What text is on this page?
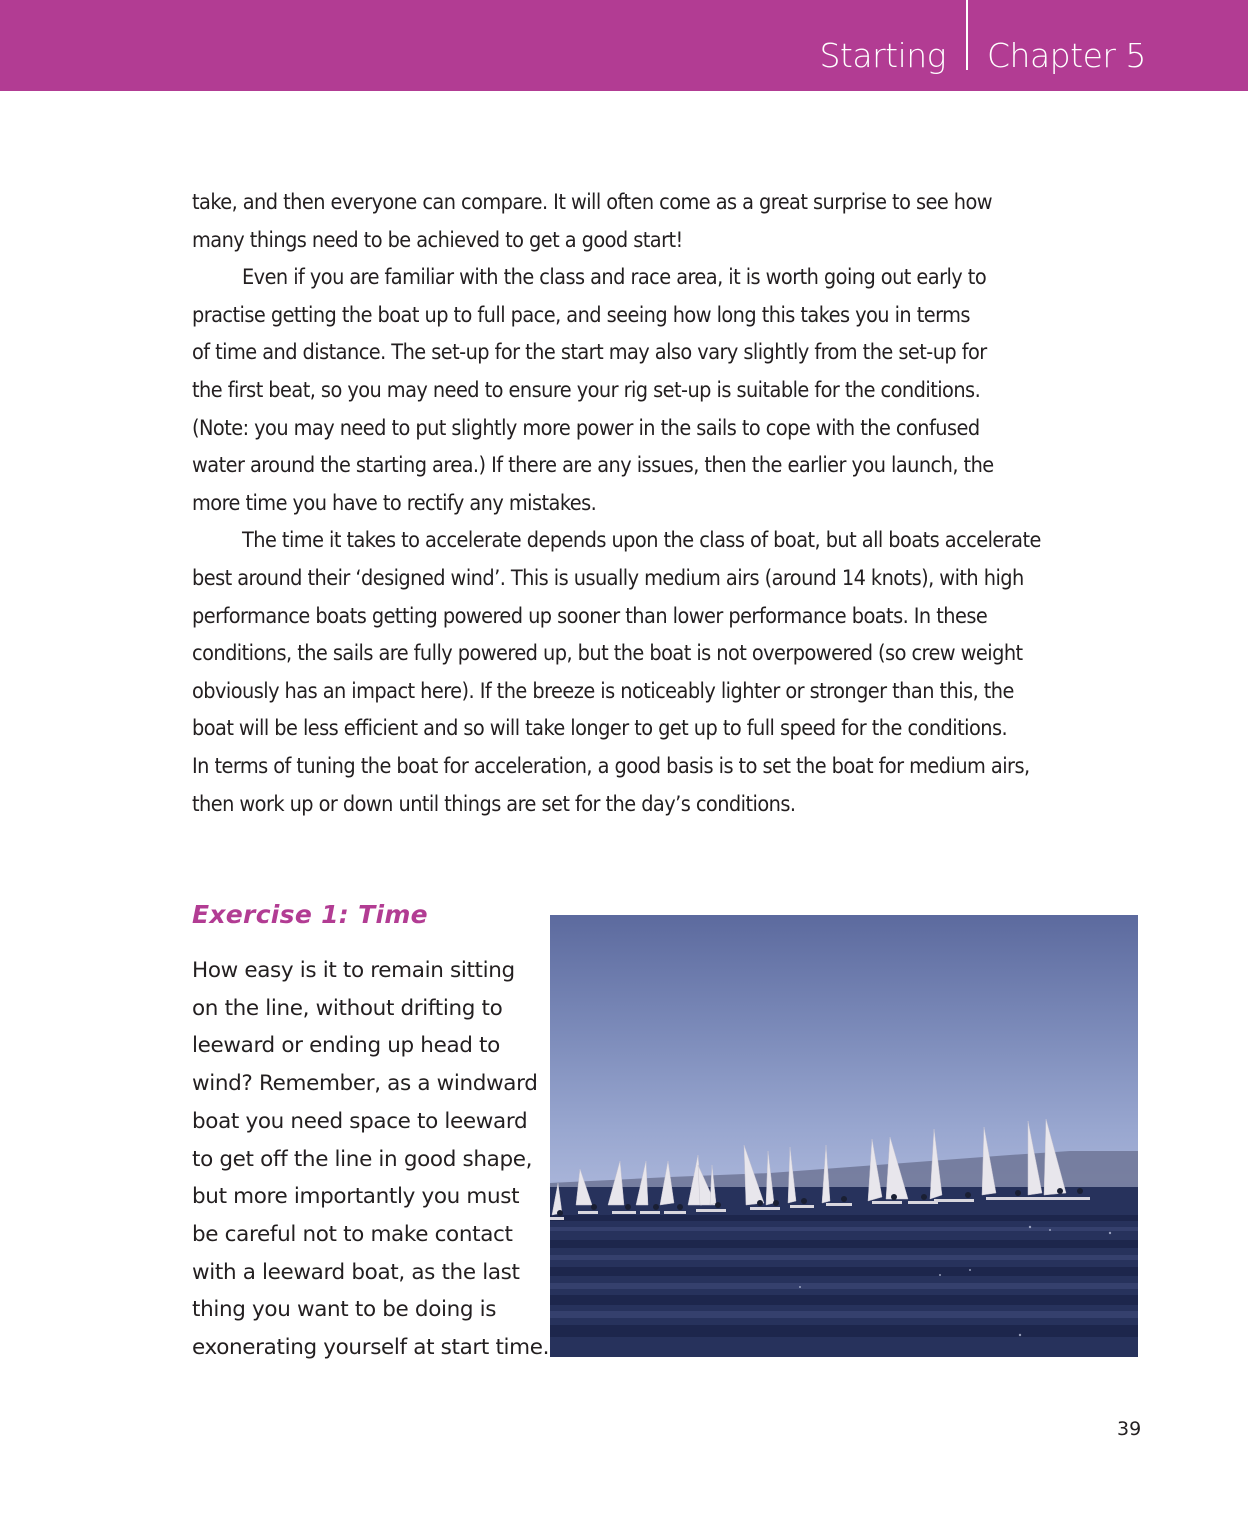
Starting Chapter 5

take, and then everyone can compare. It will often come as a great surprise to see how
many things need to be achieved to get a good start!

Even if you are familiar with the class and race area, it is worth going out early to
practise getting the boat up to full pace, and seeing how long this takes you in terms
of time and distance. The set-up for the start may also vary slightly from the set-up for
the first beat, so you may need to ensure your rig set-up is suitable for the conditions.
(Note: you may need to put slightly more power in the sails to cope with the confused
water around the starting area.) If there are any issues, then the earlier you launch, the
more time you have to rectify any mistakes.

The time it takes to accelerate depends upon the class of boat, but all boats accelerate
best around their ‘designed wind’. This is usually medium airs (around 14 knots), with high
performance boats getting powered up sooner than lower performance boats. In these
conditions, the sails are fully powered up, but the boat is not overpowered (so crew weight
obviously has an impact here). If the breeze is noticeably lighter or stronger than this, the
boat will be less efficient and so will take longer to get up to full speed for the conditions.
In terms of tuning the boat for acceleration, a good basis is to set the boat for medium airs,
then work up or down until things are set for the day’s conditions.

Exercise 1: Time
How easy is it to remain sitting
on the line, without drifting to
leeward or ending up head to
wind? Remember, as a windward
boat you need space to leeward
to get off the line in good shape,
but more importantly you must
be careful not to make contact
with a leeward boat, as the last
thing you want to be doing is
exonerating yourself at start time.
39
